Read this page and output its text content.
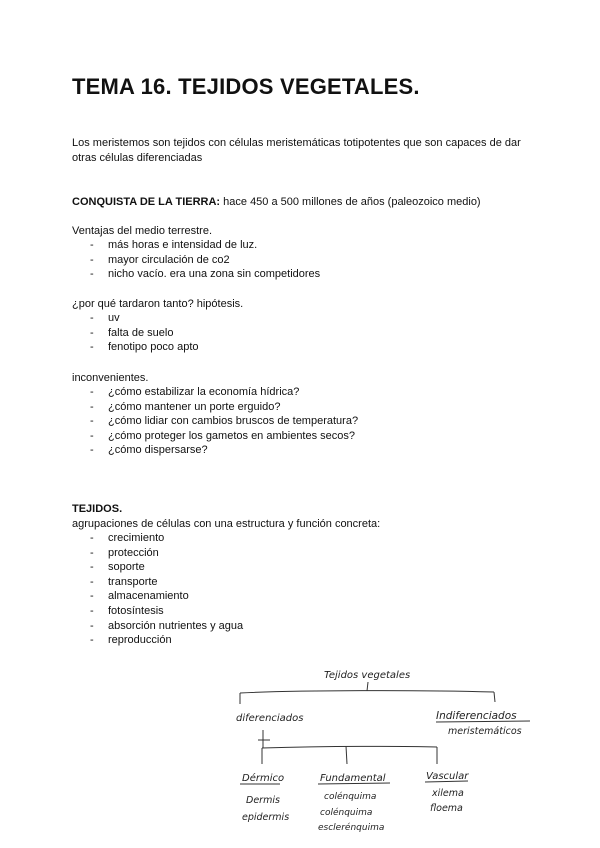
TEMA 16. TEJIDOS VEGETALES.
Los meristemos son tejidos con células meristemáticas totipotentes que son capaces de dar
otras células diferenciadas
CONQUISTA DE LA TIERRA: hace 450 a 500 millones de años (paleozoico medio)
Ventajas del medio terrestre.
- más horas e intensidad de luz.
- mayor circulación de co2
- nicho vacío. era una zona sin competidores
¿por qué tardaron tanto? hipótesis.
- uv
- falta de suelo
- fenotipo poco apto
inconvenientes.
- ¿cómo estabilizar la economía hídrica?
- ¿cómo mantener un porte erguido?
- ¿cómo lidiar con cambios bruscos de temperatura?
- ¿cómo proteger los gametos en ambientes secos?
- ¿cómo dispersarse?
TEJIDOS.
agrupaciones de células con una estructura y función concreta:
- crecimiento
- protección
- soporte
- transporte
- almacenamiento
- fotosíntesis
- absorción nutrientes y agua
- reproducción
Tejidos vegetales
diferenciados	Indiferenciados
meristemáticos
Dérmico
Dermis
epidermis
Fundamental
colénquima
colénquima
esclerénquima
Vascular
xilema
floema
